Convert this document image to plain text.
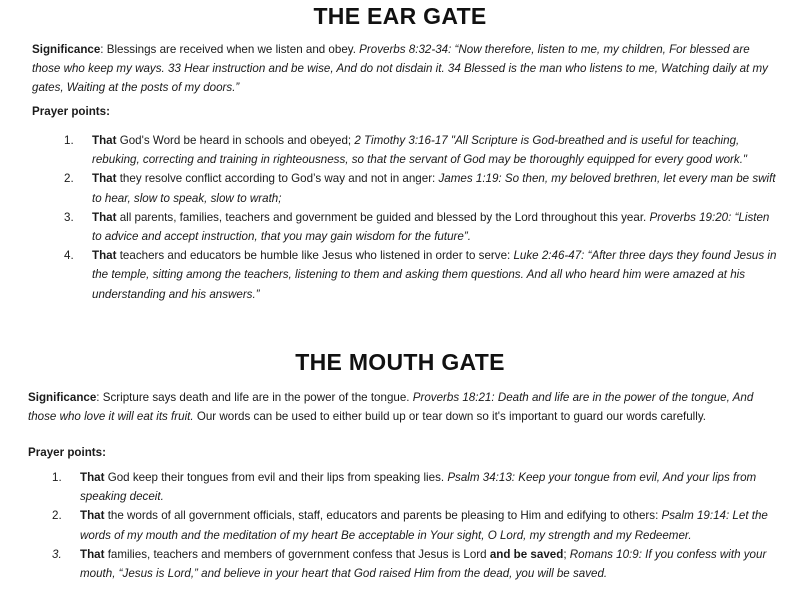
THE EAR GATE
Significance: Blessings are received when we listen and obey. Proverbs 8:32-34: “Now therefore, listen to me, my children, For blessed are those who keep my ways. 33 Hear instruction and be wise, And do not disdain it. 34 Blessed is the man who listens to me, Watching daily at my gates, Waiting at the posts of my doors.”
Prayer points:
1.	That God's Word be heard in schools and obeyed; 2 Timothy 3:16-17 "All Scripture is God-breathed and is useful for teaching, rebuking, correcting and training in righteousness, so that the servant of God may be thoroughly equipped for every good work."
2.	That they resolve conflict according to God’s way and not in anger: James 1:19: So then, my beloved brethren, let every man be swift to hear, slow to speak, slow to wrath;
3.	That all parents, families, teachers and government be guided and blessed by the Lord throughout this year. Proverbs 19:20: “Listen to advice and accept instruction, that you may gain wisdom for the future”.
4.	That teachers and educators be humble like Jesus who listened in order to serve: Luke 2:46-47: “After three days they found Jesus in the temple, sitting among the teachers, listening to them and asking them questions. And all who heard him were amazed at his understanding and his answers.”
THE MOUTH GATE
Significance: Scripture says death and life are in the power of the tongue. Proverbs 18:21: Death and life are in the power of the tongue, And those who love it will eat its fruit. Our words can be used to either build up or tear down so it's important to guard our words carefully.
Prayer points:
1.	That God keep their tongues from evil and their lips from speaking lies. Psalm 34:13: Keep your tongue from evil, And your lips from speaking deceit.
2.	That the words of all government officials, staff, educators and parents be pleasing to Him and edifying to others: Psalm 19:14: Let the words of my mouth and the meditation of my heart Be acceptable in Your sight, O Lord, my strength and my Redeemer.
3.	That families, teachers and members of government confess that Jesus is Lord and be saved; Romans 10:9: If you confess with your mouth, “Jesus is Lord,” and believe in your heart that God raised Him from the dead, you will be saved.
